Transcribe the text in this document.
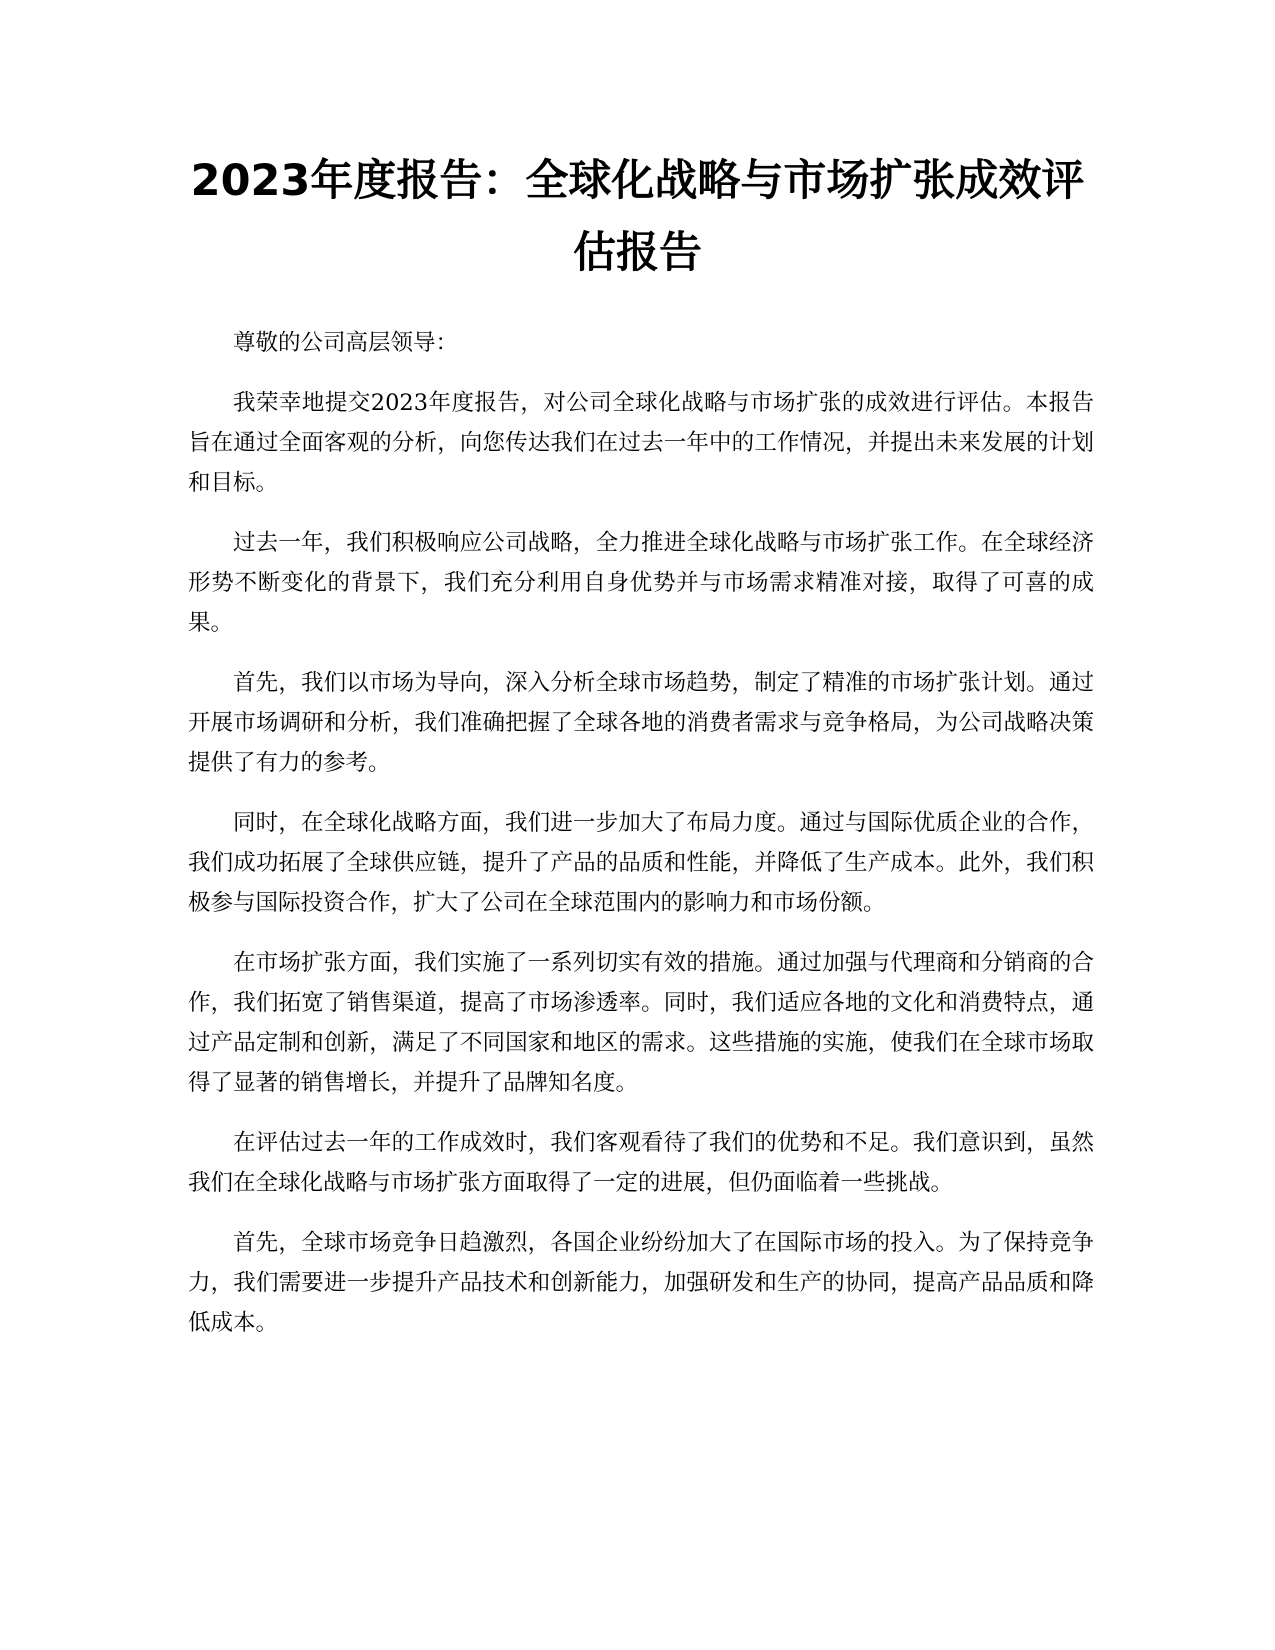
2023年度报告：全球化战略与市场扩张成效评估报告

尊敬的公司高层领导：

我荣幸地提交2023年度报告，对公司全球化战略与市场扩张的成效进行评估。本报告旨在通过全面客观的分析，向您传达我们在过去一年中的工作情况，并提出未来发展的计划和目标。

过去一年，我们积极响应公司战略，全力推进全球化战略与市场扩张工作。在全球经济形势不断变化的背景下，我们充分利用自身优势并与市场需求精准对接，取得了可喜的成果。

首先，我们以市场为导向，深入分析全球市场趋势，制定了精准的市场扩张计划。通过开展市场调研和分析，我们准确把握了全球各地的消费者需求与竞争格局，为公司战略决策提供了有力的参考。

同时，在全球化战略方面，我们进一步加大了布局力度。通过与国际优质企业的合作，我们成功拓展了全球供应链，提升了产品的品质和性能，并降低了生产成本。此外，我们积极参与国际投资合作，扩大了公司在全球范围内的影响力和市场份额。

在市场扩张方面，我们实施了一系列切实有效的措施。通过加强与代理商和分销商的合作，我们拓宽了销售渠道，提高了市场渗透率。同时，我们适应各地的文化和消费特点，通过产品定制和创新，满足了不同国家和地区的需求。这些措施的实施，使我们在全球市场取得了显著的销售增长，并提升了品牌知名度。

在评估过去一年的工作成效时，我们客观看待了我们的优势和不足。我们意识到，虽然我们在全球化战略与市场扩张方面取得了一定的进展，但仍面临着一些挑战。

首先，全球市场竞争日趋激烈，各国企业纷纷加大了在国际市场的投入。为了保持竞争力，我们需要进一步提升产品技术和创新能力，加强研发和生产的协同，提高产品品质和降低成本。
